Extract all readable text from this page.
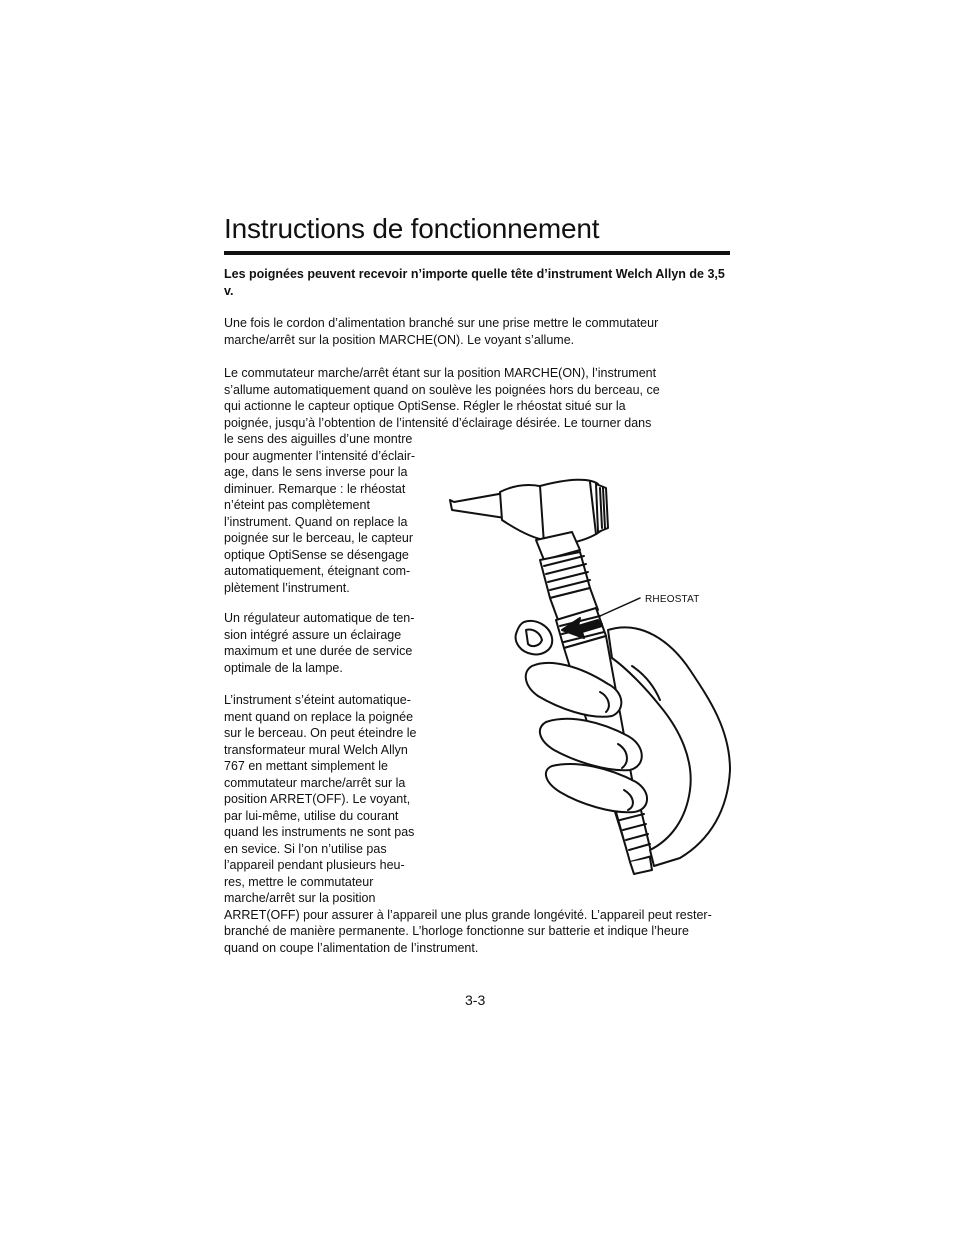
Instructions de fonctionnement

Les poignées peuvent recevoir n’importe quelle tête d’instrument Welch Allyn de 3,5 v.

Une fois le cordon d’alimentation branché sur une prise mettre le commutateur
marche/arrêt sur la position MARCHE(ON). Le voyant s’allume.

Le commutateur marche/arrêt étant sur la position MARCHE(ON), l’instrument
s’allume automatiquement quand on soulève les poignées hors du berceau, ce
qui actionne le capteur optique OptiSense. Régler le rhéostat situé sur la
poignée, jusqu’à l’obtention de l’intensité d’éclairage désirée. Le tourner dans
le sens des aiguilles d’une montre
pour augmenter l’intensité d’éclair-
age, dans le sens inverse pour la
diminuer. Remarque : le rhéostat
n’éteint pas complètement
l’instrument. Quand on replace la
poignée sur le berceau, le capteur
optique OptiSense se désengage
automatiquement, éteignant com-
plètement l’instrument.

Un régulateur automatique de ten-
sion intégré assure un éclairage
maximum et une durée de service
optimale de la lampe.

L’instrument s’éteint automatique-
ment quand on replace la poignée
sur le berceau. On peut éteindre le
transformateur mural Welch Allyn
767 en mettant simplement le
commutateur marche/arrêt sur la
position ARRET(OFF). Le voyant,
par lui-même, utilise du courant
quand les instruments ne sont pas
en sevice. Si l’on n’utilise pas
l’appareil pendant plusieurs heu-
res, mettre le commutateur
marche/arrêt sur la position
ARRET(OFF) pour assurer à l’appareil une plus grande longévité. L’appareil peut rester-
branché de manière permanente. L’horloge fonctionne sur batterie et indique l’heure
quand on coupe l’alimentation de l’instrument.

RHEOSTAT

3-3
